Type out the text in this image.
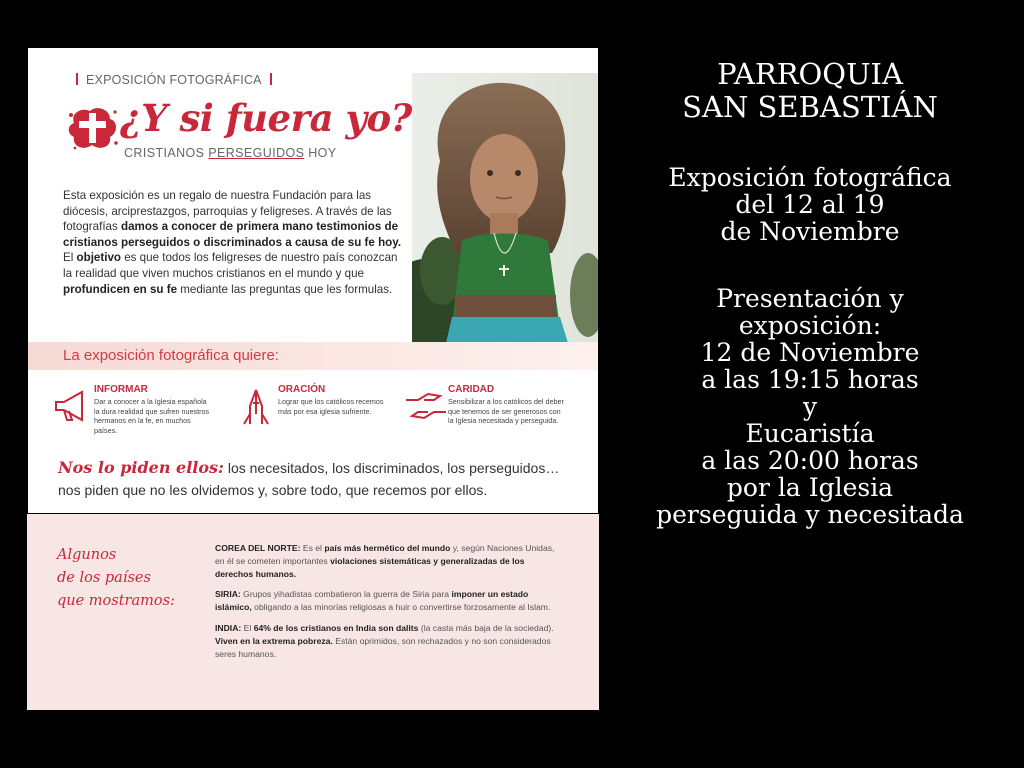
EXPOSICIÓN FOTOGRÁFICA
¿Y si fuera yo?
CRISTIANOS PERSEGUIDOS HOY

Esta exposición es un regalo de nuestra Fundación para las diócesis, arciprestazgos, parroquias y feligreses. A través de las fotografías damos a conocer de primera mano testimonios de cristianos perseguidos o discriminados a causa de su fe hoy. El objetivo es que todos los feligreses de nuestro país conozcan la realidad que viven muchos cristianos en el mundo y que profundicen en su fe mediante las preguntas que les formulas.

La exposición fotográfica quiere:
INFORMAR

Dar a conocer a la Iglesia española la dura realidad que sufren nuestros hermanos en la fe, en muchos países.

ORACIÓN

Lograr que los católicos recemos más por esa iglesia sufriente.

CARIDAD

Sensibilizar a los católicos del deber que tenemos de ser generosos con la Iglesia necesitada y perseguida.

Nos lo piden ellos: los necesitados, los discriminados, los perseguidos…
nos piden que no les olvidemos y, sobre todo, que recemos por ellos.
Algunos
de los países
que mostramos:

COREA DEL NORTE: Es el país más hermético del mundo y, según Naciones Unidas, en él se cometen importantes violaciones sistemáticas y generalizadas de los derechos humanos.

SIRIA: Grupos yihadistas combatieron la guerra de Siria para imponer un estado islámico, obligando a las minorías religiosas a huir o convertirse forzosamente al Islam.

INDIA: El 64% de los cristianos en India son dalits (la casta más baja de la sociedad). Viven en la extrema pobreza. Están oprimidos, son rechazados y no son considerados seres humanos.

PARROQUIA
SAN SEBASTIÁN
Exposición fotográfica
del 12 al 19
de Noviembre
Presentación y
exposición:
12 de Noviembre
a las 19:15 horas
y
Eucaristía
a las 20:00 horas
por la Iglesia
perseguida y necesitada
